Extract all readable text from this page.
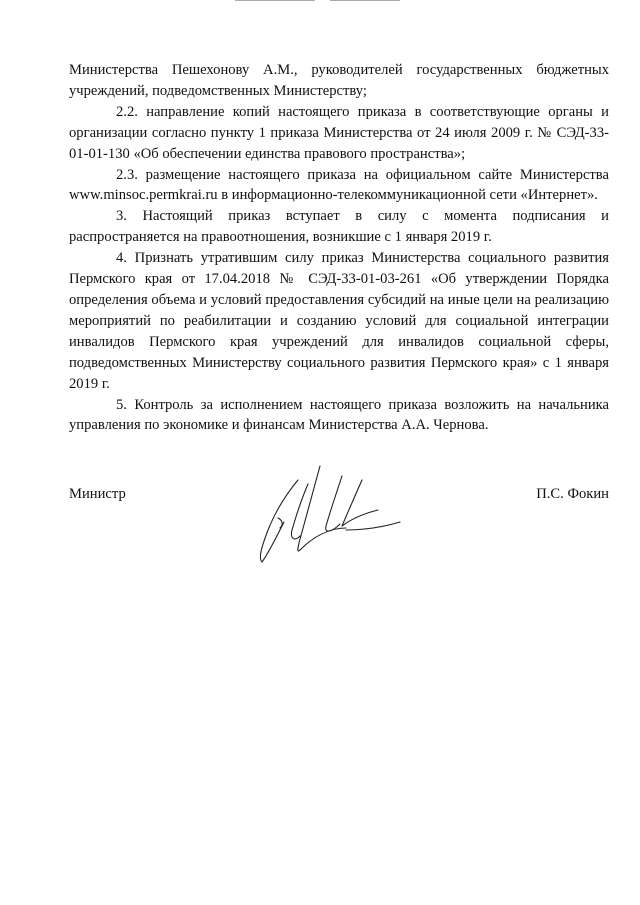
Министерства Пешехонову А.М., руководителей государственных бюджетных учреждений, подведомственных Министерству;

2.2. направление копий настоящего приказа в соответствующие органы и организации согласно пункту 1 приказа Министерства от 24 июля 2009 г. № СЭД-33-01-01-130 «Об обеспечении единства правового пространства»;

2.3. размещение настоящего приказа на официальном сайте Министерства www.minsoc.permkrai.ru в информационно-телекоммуникационной сети «Интернет».

3. Настоящий приказ вступает в силу с момента подписания и распространяется на правоотношения, возникшие с 1 января 2019 г.

4. Признать утратившим силу приказ Министерства социального развития Пермского края от 17.04.2018 № СЭД-33-01-03-261 «Об утверждении Порядка определения объема и условий предоставления субсидий на иные цели на реализацию мероприятий по реабилитации и созданию условий для социальной интеграции инвалидов Пермского края учреждений для инвалидов социальной сферы, подведомственных Министерству социального развития Пермского края» с 1 января 2019 г.

5. Контроль за исполнением настоящего приказа возложить на начальника управления по экономике и финансам Министерства А.А. Чернова.

Министр	П.С. Фокин
